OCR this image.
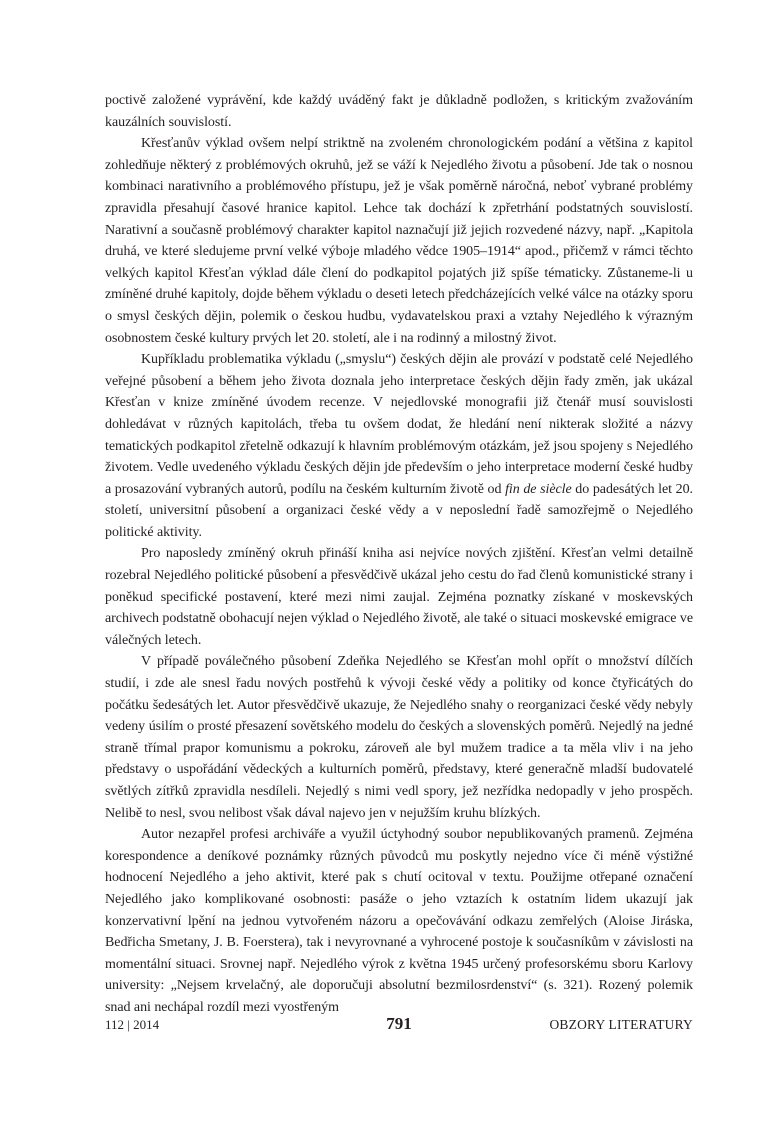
poctivě založené vyprávění, kde každý uváděný fakt je důkladně podložen, s kritickým zvažováním kauzálních souvislostí.

Křesťanův výklad ovšem nelpí striktně na zvoleném chronologickém podání a většina z kapitol zohledňuje některý z problémových okruhů, jež se váží k Nejedlého životu a působení. Jde tak o nosnou kombinaci narativního a problémového přístupu, jež je však poměrně náročná, neboť vybrané problémy zpravidla přesahují časové hranice kapitol. Lehce tak dochází k zpřetrhání podstatných souvislostí. Narativní a současně problémový charakter kapitol naznačují již jejich rozvedené názvy, např. „Kapitola druhá, ve které sledujeme první velké výboje mladého vědce 1905–1914“ apod., přičemž v rámci těchto velkých kapitol Křesťan výklad dále člení do podkapitol pojatých již spíše tématicky. Zůstaneme-li u zmíněné druhé kapitoly, dojde během výkladu o deseti letech předcházejících velké válce na otázky sporu o smysl českých dějin, polemik o českou hudbu, vydavatelskou praxi a vztahy Nejedlého k výrazným osobnostem české kultury prvých let 20. století, ale i na rodinný a milostný život.

Kupříkladu problematika výkladu („smyslu“) českých dějin ale provází v podstatě celé Nejedlého veřejné působení a během jeho života doznala jeho interpretace českých dějin řady změn, jak ukázal Křesťan v knize zmíněné úvodem recenze. V nejedlovské monografii již čtenář musí souvislosti dohledávat v různých kapitolách, třeba tu ovšem dodat, že hledání není nikterak složité a názvy tematických podkapitol zřetelně odkazují k hlavním problémovým otázkám, jež jsou spojeny s Nejedlého životem. Vedle uvedeného výkladu českých dějin jde především o jeho interpretace moderní české hudby a prosazování vybraných autorů, podílu na českém kulturním životě od fin de siècle do padesátých let 20. století, universitní působení a organizaci české vědy a v neposlední řadě samozřejmě o Nejedlého politické aktivity.

Pro naposledy zmíněný okruh přináší kniha asi nejvíce nových zjištění. Křesťan velmi detailně rozebral Nejedlého politické působení a přesvědčivě ukázal jeho cestu do řad členů komunistické strany i poněkud specifické postavení, které mezi nimi zaujal. Zejména poznatky získané v moskevských archivech podstatně obohacují nejen výklad o Nejedlého životě, ale také o situaci moskevské emigrace ve válečných letech.

V případě poválečného působení Zdeňka Nejedlého se Křesťan mohl opřít o množství dílčích studií, i zde ale snesl řadu nových postřehů k vývoji české vědy a politiky od konce čtyřicátých do počátku šedesátých let. Autor přesvědčivě ukazuje, že Nejedlého snahy o reorganizaci české vědy nebyly vedeny úsilím o prosté přesazení sovětského modelu do českých a slovenských poměrů. Nejedlý na jedné straně třímal prapor komunismu a pokroku, zároveň ale byl mužem tradice a ta měla vliv i na jeho představy o uspořádání vědeckých a kulturních poměrů, představy, které generačně mladší budovatelé světlých zítřků zpravidla nesdíleli. Nejedlý s nimi vedl spory, jež nezřídka nedopadly v jeho prospěch. Nelibě to nesl, svou nelibost však dával najevo jen v nejužším kruhu blízkých.

Autor nezapřel profesi archiváře a využil úctyhodný soubor nepublikovaných pramenů. Zejména korespondence a deníkové poznámky různých původců mu poskytly nejedno více či méně výstižné hodnocení Nejedlého a jeho aktivit, které pak s chutí ocitoval v textu. Použijme otřepané označení Nejedlého jako komplikované osobnosti: pasáže o jeho vztazích k ostatním lidem ukazují jak konzervativní lpění na jednou vytvořeném názoru a opečovávání odkazu zemřelých (Aloise Jiráska, Bedřicha Smetany, J. B. Foerstera), tak i nevyrovnané a vyhrocené postoje k současníkům v závislosti na momentální situaci. Srovnej např. Nejedlého výrok z května 1945 určený profesorskému sboru Karlovy university: „Nejsem krvelačný, ale doporučuji absolutní bezmilosrdenství“ (s. 321). Rozený polemik snad ani nechápal rozdíl mezi vyostřeným

112 | 2014	791	OBZORY LITERATURY
